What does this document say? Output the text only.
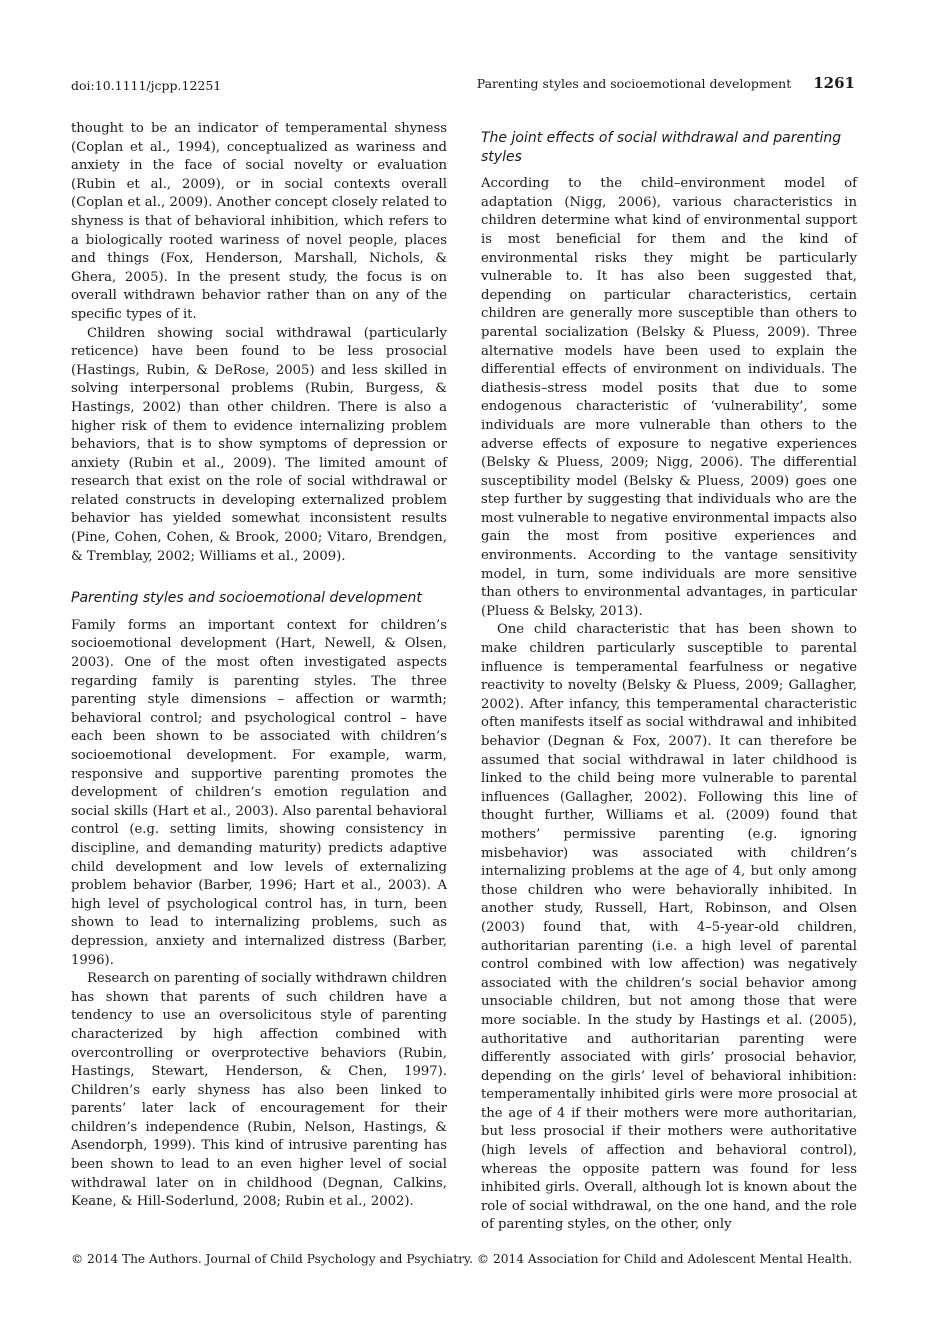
doi:10.1111/jcpp.12251	Parenting styles and socioemotional development 1261

thought to be an indicator of temperamental shyness (Coplan et al., 1994), conceptualized as wariness and anxiety in the face of social novelty or evaluation (Rubin et al., 2009), or in social contexts overall (Coplan et al., 2009). Another concept closely related to shyness is that of behavioral inhibition, which refers to a biologically rooted wariness of novel people, places and things (Fox, Henderson, Marshall, Nichols, & Ghera, 2005). In the present study, the focus is on overall withdrawn behavior rather than on any of the specific types of it.

Children showing social withdrawal (particularly reticence) have been found to be less prosocial (Hastings, Rubin, & DeRose, 2005) and less skilled in solving interpersonal problems (Rubin, Burgess, & Hastings, 2002) than other children. There is also a higher risk of them to evidence internalizing problem behaviors, that is to show symptoms of depression or anxiety (Rubin et al., 2009). The limited amount of research that exist on the role of social withdrawal or related constructs in developing externalized problem behavior has yielded somewhat inconsistent results (Pine, Cohen, Cohen, & Brook, 2000; Vitaro, Brendgen, & Tremblay, 2002; Williams et al., 2009).

Parenting styles and socioemotional development

Family forms an important context for children’s socioemotional development (Hart, Newell, & Olsen, 2003). One of the most often investigated aspects regarding family is parenting styles. The three parenting style dimensions – affection or warmth; behavioral control; and psychological control – have each been shown to be associated with children’s socioemotional development. For example, warm, responsive and supportive parenting promotes the development of children’s emotion regulation and social skills (Hart et al., 2003). Also parental behavioral control (e.g. setting limits, showing consistency in discipline, and demanding maturity) predicts adaptive child development and low levels of externalizing problem behavior (Barber, 1996; Hart et al., 2003). A high level of psychological control has, in turn, been shown to lead to internalizing problems, such as depression, anxiety and internalized distress (Barber, 1996).

Research on parenting of socially withdrawn children has shown that parents of such children have a tendency to use an oversolicitous style of parenting characterized by high affection combined with overcontrolling or overprotective behaviors (Rubin, Hastings, Stewart, Henderson, & Chen, 1997). Children’s early shyness has also been linked to parents’ later lack of encouragement for their children’s independence (Rubin, Nelson, Hastings, & Asendorph, 1999). This kind of intrusive parenting has been shown to lead to an even higher level of social withdrawal later on in childhood (Degnan, Calkins, Keane, & Hill-Soderlund, 2008; Rubin et al., 2002).

The joint effects of social withdrawal and parenting styles

According to the child–environment model of adaptation (Nigg, 2006), various characteristics in children determine what kind of environmental support is most beneficial for them and the kind of environmental risks they might be particularly vulnerable to. It has also been suggested that, depending on particular characteristics, certain children are generally more susceptible than others to parental socialization (Belsky & Pluess, 2009). Three alternative models have been used to explain the differential effects of environment on individuals. The diathesis–stress model posits that due to some endogenous characteristic of ‘vulnerability’, some individuals are more vulnerable than others to the adverse effects of exposure to negative experiences (Belsky & Pluess, 2009; Nigg, 2006). The differential susceptibility model (Belsky & Pluess, 2009) goes one step further by suggesting that individuals who are the most vulnerable to negative environmental impacts also gain the most from positive experiences and environments. According to the vantage sensitivity model, in turn, some individuals are more sensitive than others to environmental advantages, in particular (Pluess & Belsky, 2013).

One child characteristic that has been shown to make children particularly susceptible to parental influence is temperamental fearfulness or negative reactivity to novelty (Belsky & Pluess, 2009; Gallagher, 2002). After infancy, this temperamental characteristic often manifests itself as social withdrawal and inhibited behavior (Degnan & Fox, 2007). It can therefore be assumed that social withdrawal in later childhood is linked to the child being more vulnerable to parental influences (Gallagher, 2002). Following this line of thought further, Williams et al. (2009) found that mothers’ permissive parenting (e.g. ignoring misbehavior) was associated with children’s internalizing problems at the age of 4, but only among those children who were behaviorally inhibited. In another study, Russell, Hart, Robinson, and Olsen (2003) found that, with 4–5-year-old children, authoritarian parenting (i.e. a high level of parental control combined with low affection) was negatively associated with the children’s social behavior among unsociable children, but not among those that were more sociable. In the study by Hastings et al. (2005), authoritative and authoritarian parenting were differently associated with girls’ prosocial behavior, depending on the girls’ level of behavioral inhibition: temperamentally inhibited girls were more prosocial at the age of 4 if their mothers were more authoritarian, but less prosocial if their mothers were authoritative (high levels of affection and behavioral control), whereas the opposite pattern was found for less inhibited girls. Overall, although lot is known about the role of social withdrawal, on the one hand, and the role of parenting styles, on the other, only

© 2014 The Authors. Journal of Child Psychology and Psychiatry. © 2014 Association for Child and Adolescent Mental Health.
